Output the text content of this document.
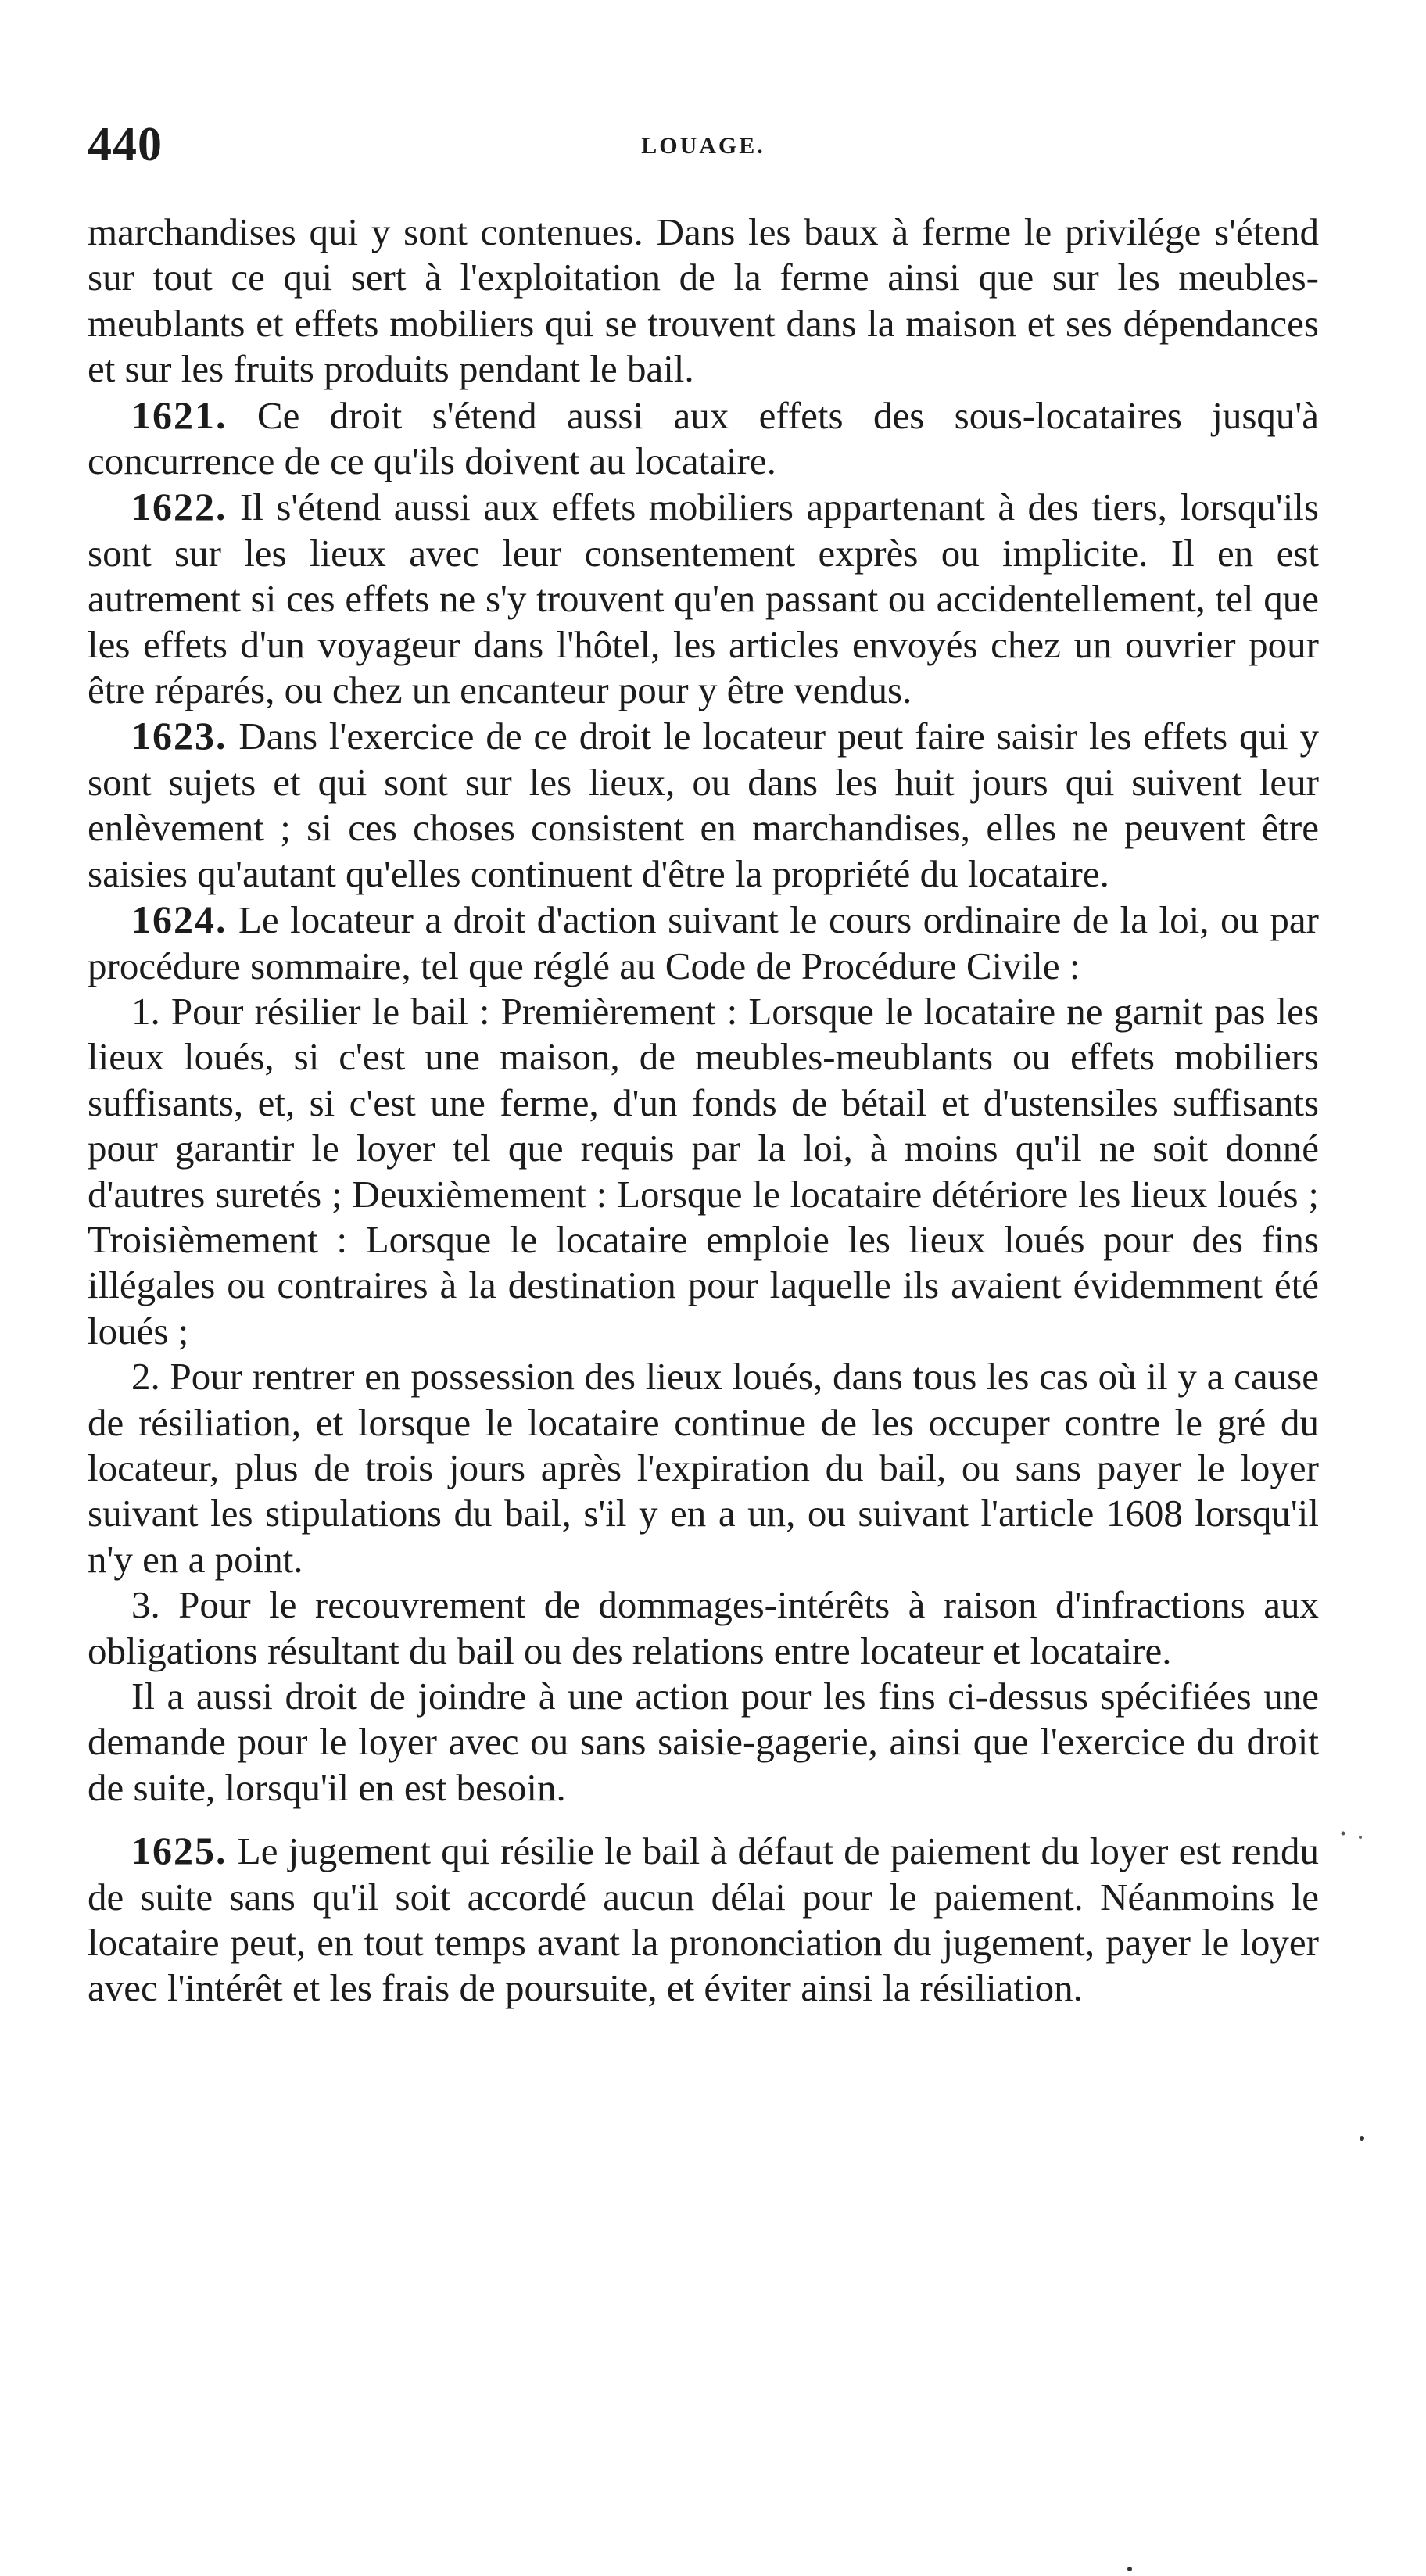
440	LOUAGE.

marchandises qui y sont contenues. Dans les baux à ferme le privilége s'étend sur tout ce qui sert à l'exploitation de la ferme ainsi que sur les meubles-meublants et effets mobiliers qui se trouvent dans la maison et ses dépendances et sur les fruits produits pendant le bail.

1621. Ce droit s'étend aussi aux effets des sous-locataires jusqu'à concurrence de ce qu'ils doivent au locataire.

1622. Il s'étend aussi aux effets mobiliers appartenant à des tiers, lorsqu'ils sont sur les lieux avec leur consentement exprès ou implicite. Il en est autrement si ces effets ne s'y trouvent qu'en passant ou accidentellement, tel que les effets d'un voyageur dans l'hôtel, les articles envoyés chez un ouvrier pour être réparés, ou chez un encanteur pour y être vendus.

1623. Dans l'exercice de ce droit le locateur peut faire saisir les effets qui y sont sujets et qui sont sur les lieux, ou dans les huit jours qui suivent leur enlèvement ; si ces choses consistent en marchandises, elles ne peuvent être saisies qu'autant qu'elles continuent d'être la propriété du locataire.

1624. Le locateur a droit d'action suivant le cours ordinaire de la loi, ou par procédure sommaire, tel que réglé au Code de Procédure Civile :

1. Pour résilier le bail : Premièrement : Lorsque le locataire ne garnit pas les lieux loués, si c'est une maison, de meubles-meublants ou effets mobiliers suffisants, et, si c'est une ferme, d'un fonds de bétail et d'ustensiles suffisants pour garantir le loyer tel que requis par la loi, à moins qu'il ne soit donné d'autres suretés ; Deuxièmement : Lorsque le locataire détériore les lieux loués ; Troisièmement : Lorsque le locataire emploie les lieux loués pour des fins illégales ou contraires à la destination pour laquelle ils avaient évidemment été loués ;

2. Pour rentrer en possession des lieux loués, dans tous les cas où il y a cause de résiliation, et lorsque le locataire continue de les occuper contre le gré du locateur, plus de trois jours après l'expiration du bail, ou sans payer le loyer suivant les stipulations du bail, s'il y en a un, ou suivant l'article 1608 lorsqu'il n'y en a point.

3. Pour le recouvrement de dommages-intérêts à raison d'infractions aux obligations résultant du bail ou des relations entre locateur et locataire.

Il a aussi droit de joindre à une action pour les fins ci-dessus spécifiées une demande pour le loyer avec ou sans saisie-gagerie, ainsi que l'exercice du droit de suite, lorsqu'il en est besoin.

1625. Le jugement qui résilie le bail à défaut de paiement du loyer est rendu de suite sans qu'il soit accordé aucun délai pour le paiement. Néanmoins le locataire peut, en tout temps avant la prononciation du jugement, payer le loyer avec l'intérêt et les frais de poursuite, et éviter ainsi la résiliation.
